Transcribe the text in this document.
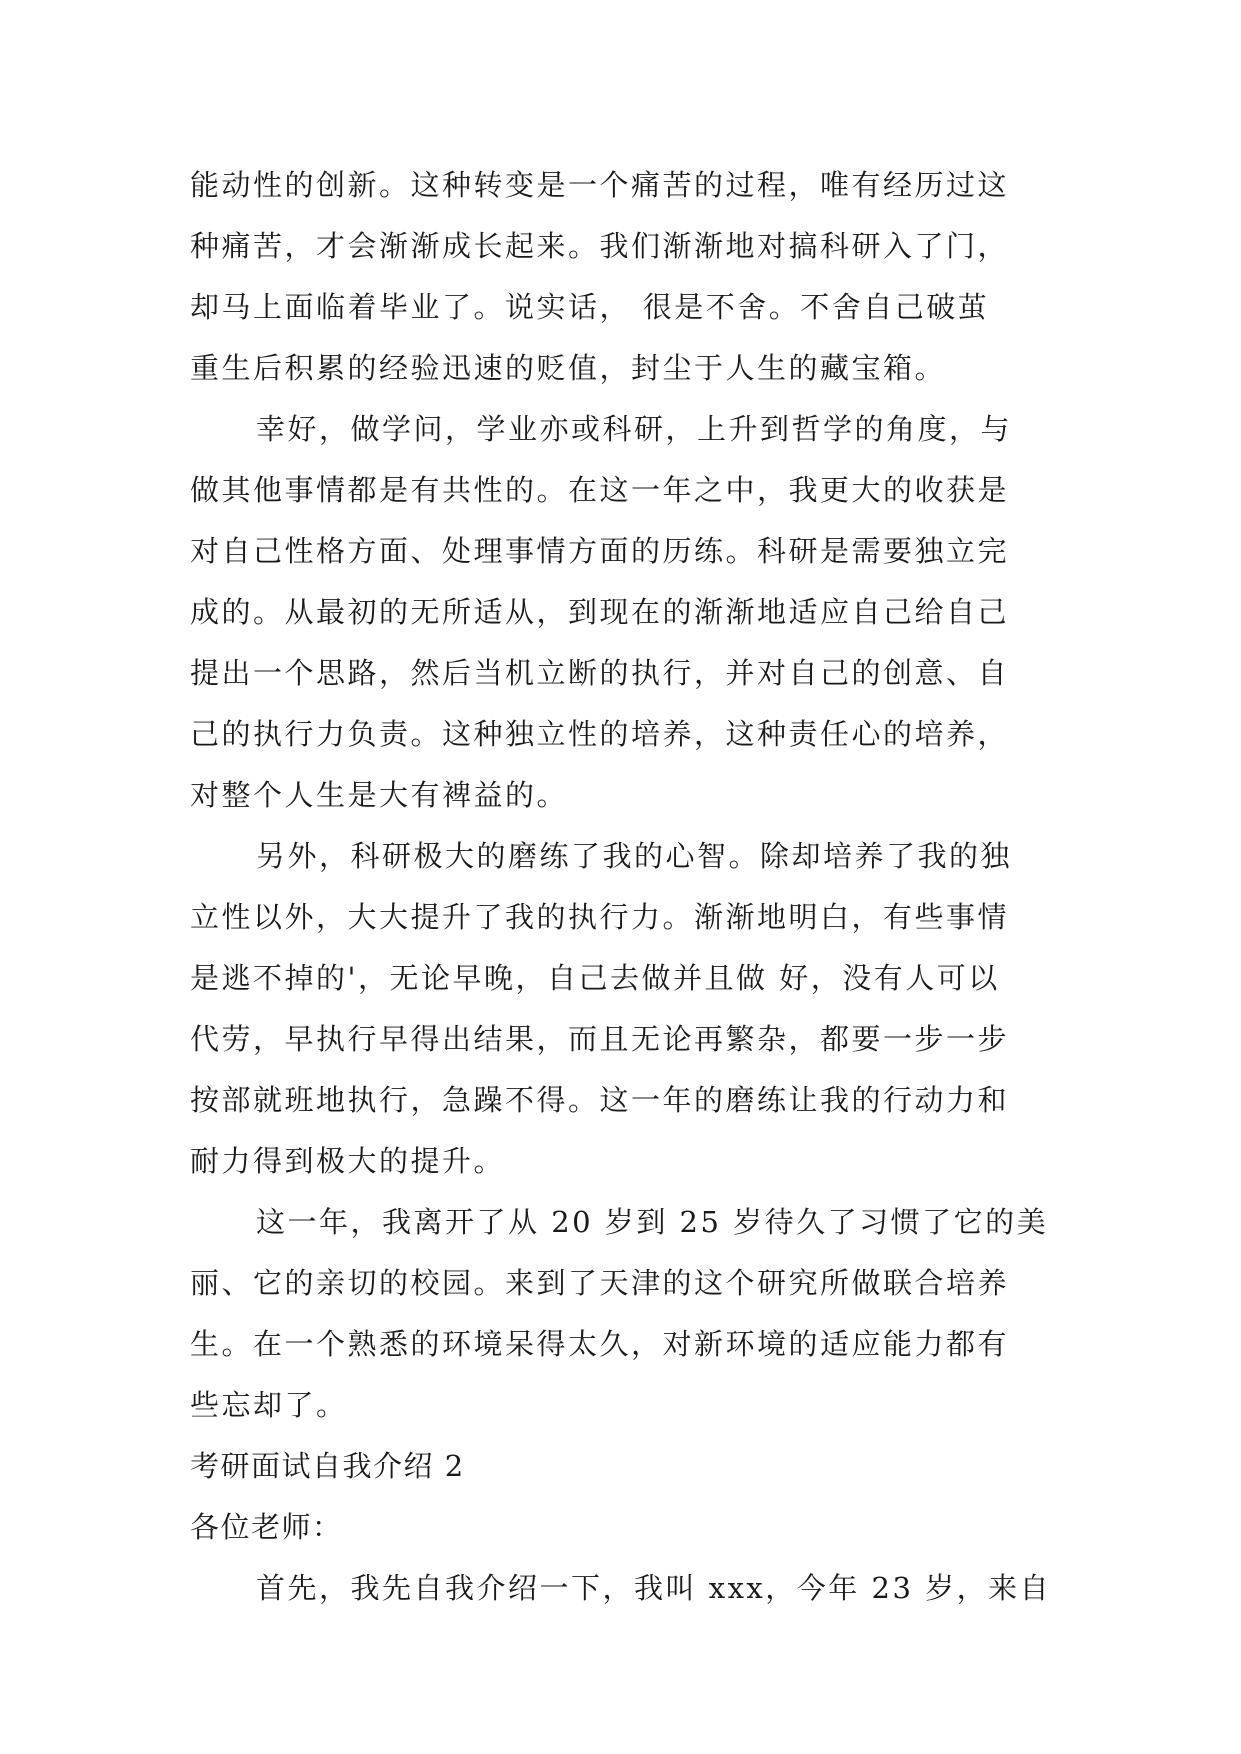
能动性的创新。这种转变是一个痛苦的过程，唯有经历过这
种痛苦，才会渐渐成长起来。我们渐渐地对搞科研入了门，
却马上面临着毕业了。说实话， 很是不舍。不舍自己破茧
重生后积累的经验迅速的贬值，封尘于人生的藏宝箱。
幸好，做学问，学业亦或科研，上升到哲学的角度，与
做其他事情都是有共性的。在这一年之中，我更大的收获是
对自己性格方面、处理事情方面的历练。科研是需要独立完
成的。从最初的无所适从，到现在的渐渐地适应自己给自己
提出一个思路，然后当机立断的执行，并对自己的创意、自
己的执行力负责。这种独立性的培养，这种责任心的培养，
对整个人生是大有裨益的。
另外，科研极大的磨练了我的心智。除却培养了我的独
立性以外，大大提升了我的执行力。渐渐地明白，有些事情
是逃不掉的'，无论早晚，自己去做并且做 好，没有人可以
代劳，早执行早得出结果，而且无论再繁杂，都要一步一步
按部就班地执行，急躁不得。这一年的磨练让我的行动力和
耐力得到极大的提升。
这一年，我离开了从 20 岁到 25 岁待久了习惯了它的美
丽、它的亲切的校园。来到了天津的这个研究所做联合培养
生。在一个熟悉的环境呆得太久，对新环境的适应能力都有
些忘却了。
考研面试自我介绍 2
各位老师：
首先，我先自我介绍一下，我叫 xxx，今年 23 岁，来自
